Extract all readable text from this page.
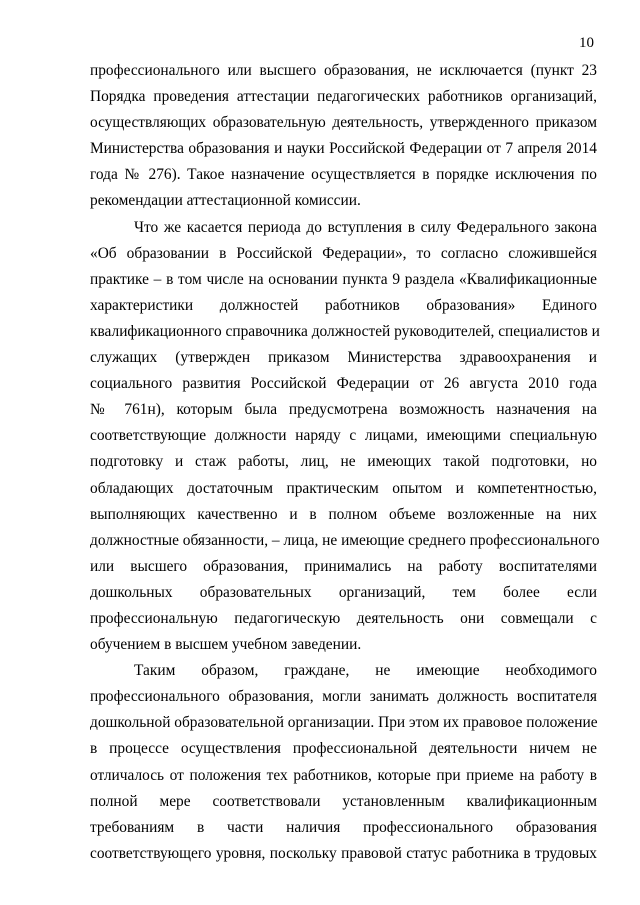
10
профессионального или высшего образования, не исключается (пункт 23
Порядка проведения аттестации педагогических работников организаций,
осуществляющих образовательную деятельность, утвержденного приказом
Министерства образования и науки Российской Федерации от 7 апреля 2014
года № 276). Такое назначение осуществляется в порядке исключения по
рекомендации аттестационной комиссии.
Что же касается периода до вступления в силу Федерального закона
«Об образовании в Российской Федерации», то согласно сложившейся
практике – в том числе на основании пункта 9 раздела «Квалификационные
характеристики должностей работников образования» Единого
квалификационного справочника должностей руководителей, специалистов и
служащих (утвержден приказом Министерства здравоохранения и
социального развития Российской Федерации от 26 августа 2010 года
№ 761н), которым была предусмотрена возможность назначения на
соответствующие должности наряду с лицами, имеющими специальную
подготовку и стаж работы, лиц, не имеющих такой подготовки, но
обладающих достаточным практическим опытом и компетентностью,
выполняющих качественно и в полном объеме возложенные на них
должностные обязанности, – лица, не имеющие среднего профессионального
или высшего образования, принимались на работу воспитателями
дошкольных образовательных организаций, тем более если
профессиональную педагогическую деятельность они совмещали с
обучением в высшем учебном заведении.
Таким образом, граждане, не имеющие необходимого
профессионального образования, могли занимать должность воспитателя
дошкольной образовательной организации. При этом их правовое положение
в процессе осуществления профессиональной деятельности ничем не
отличалось от положения тех работников, которые при приеме на работу в
полной мере соответствовали установленным квалификационным
требованиям в части наличия профессионального образования
соответствующего уровня, поскольку правовой статус работника в трудовых
